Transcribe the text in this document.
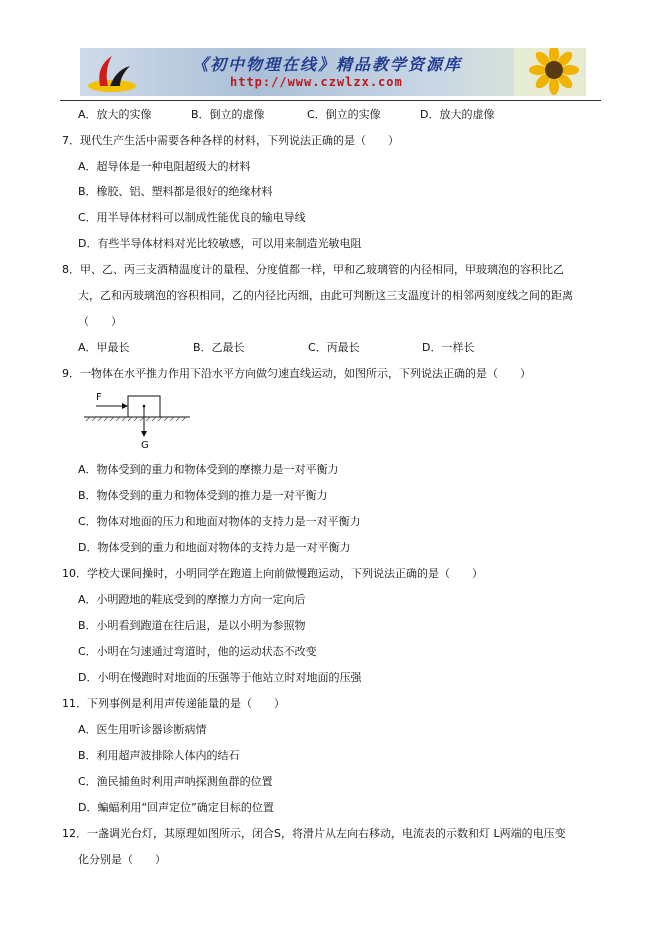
《初中物理在线》精品教学资源库
http://www.czwlzx.com
A．放大的实像	B．倒立的虚像	C．倒立的实像	D．放大的虚像
7．现代生产生活中需要各种各样的材料，下列说法正确的是（　　）
A．超导体是一种电阻超级大的材料
B．橡胶、铝、塑料都是很好的绝缘材料
C．用半导体材料可以制成性能优良的输电导线
D．有些半导体材料对光比较敏感，可以用来制造光敏电阻
8．甲、乙、丙三支酒精温度计的量程、分度值都一样，甲和乙玻璃管的内径相同，甲玻璃泡的容积比乙
大，乙和丙玻璃泡的容积相同，乙的内径比丙细，由此可判断这三支温度计的相邻两刻度线之间的距离
（　　）
A．甲最长	B．乙最长	C．丙最长	D．一样长
9．一物体在水平推力作用下沿水平方向做匀速直线运动，如图所示，下列说法正确的是（　　）
F
G
A．物体受到的重力和物体受到的摩擦力是一对平衡力
B．物体受到的重力和物体受到的推力是一对平衡力
C．物体对地面的压力和地面对物体的支持力是一对平衡力
D．物体受到的重力和地面对物体的支持力是一对平衡力
10．学校大课间操时，小明同学在跑道上向前做慢跑运动，下列说法正确的是（　　）
A．小明蹬地的鞋底受到的摩擦力方向一定向后
B．小明看到跑道在往后退，是以小明为参照物
C．小明在匀速通过弯道时，他的运动状态不改变
D．小明在慢跑时对地面的压强等于他站立时对地面的压强
11．下列事例是利用声传递能量的是（　　）
A．医生用听诊器诊断病情
B．利用超声波排除人体内的结石
C．渔民捕鱼时利用声呐探测鱼群的位置
D．蝙蝠利用“回声定位”确定目标的位置
12．一盏调光台灯，其原理如图所示，闭合S，将滑片从左向右移动，电流表的示数和灯 L两端的电压变
化分别是（　　）
